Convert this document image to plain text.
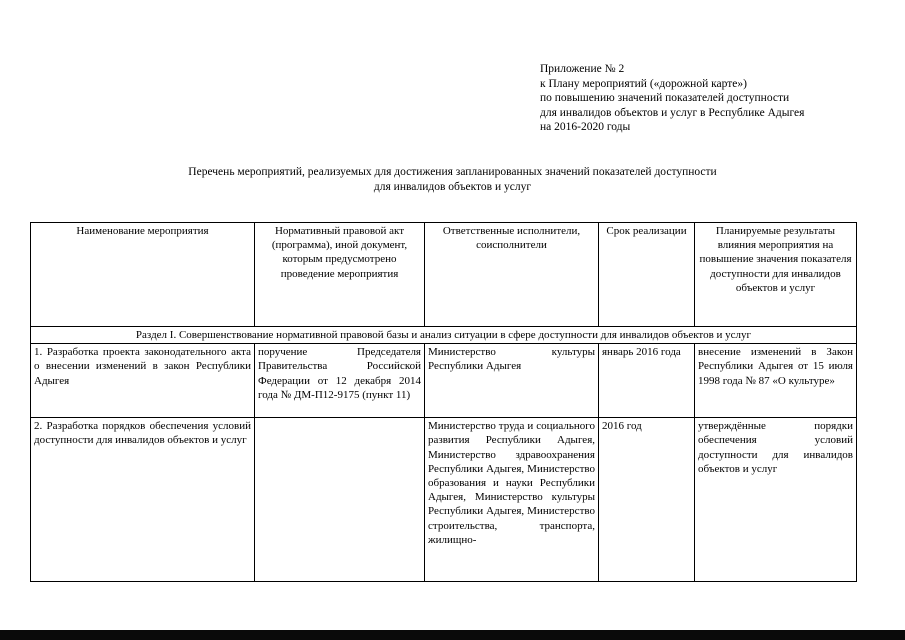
Приложение № 2
к Плану мероприятий («дорожной карте»)
по повышению значений показателей доступности
для инвалидов объектов и услуг в Республике Адыгея
на 2016-2020 годы
Перечень мероприятий, реализуемых для достижения запланированных значений показателей доступности
для инвалидов объектов и услуг
Наименование мероприятия	Нормативный правовой акт (программа), иной документ, которым предусмотрено проведение мероприятия	Ответственные исполнители, соисполнители	Срок реализации	Планируемые результаты влияния мероприятия на повышение значения показателя доступности для инвалидов объектов и услуг
Раздел I. Совершенствование нормативной правовой базы и анализ ситуации в сфере доступности для инвалидов объектов и услуг				
1. Разработка проекта законодательного акта о внесении изменений в закон Республики Адыгея	поручение Председателя Правительства Российской Федерации от 12 декабря 2014 года № ДМ-П12-9175 (пункт 11)	Министерство культуры Республики Адыгея	январь 2016 года	внесение изменений в Закон Республики Адыгея от 15 июля 1998 года № 87 «О культуре»
2. Разработка порядков обеспечения условий доступности для инвалидов объектов и услуг		Министерство труда и социального развития Республики Адыгея, Министерство здравоохранения Республики Адыгея, Министерство образования и науки Республики Адыгея, Министерство культуры Республики Адыгея, Министерство строительства, транспорта, жилищно-	2016 год	утверждённые порядки обеспечения условий доступности для инвалидов объектов и услуг
